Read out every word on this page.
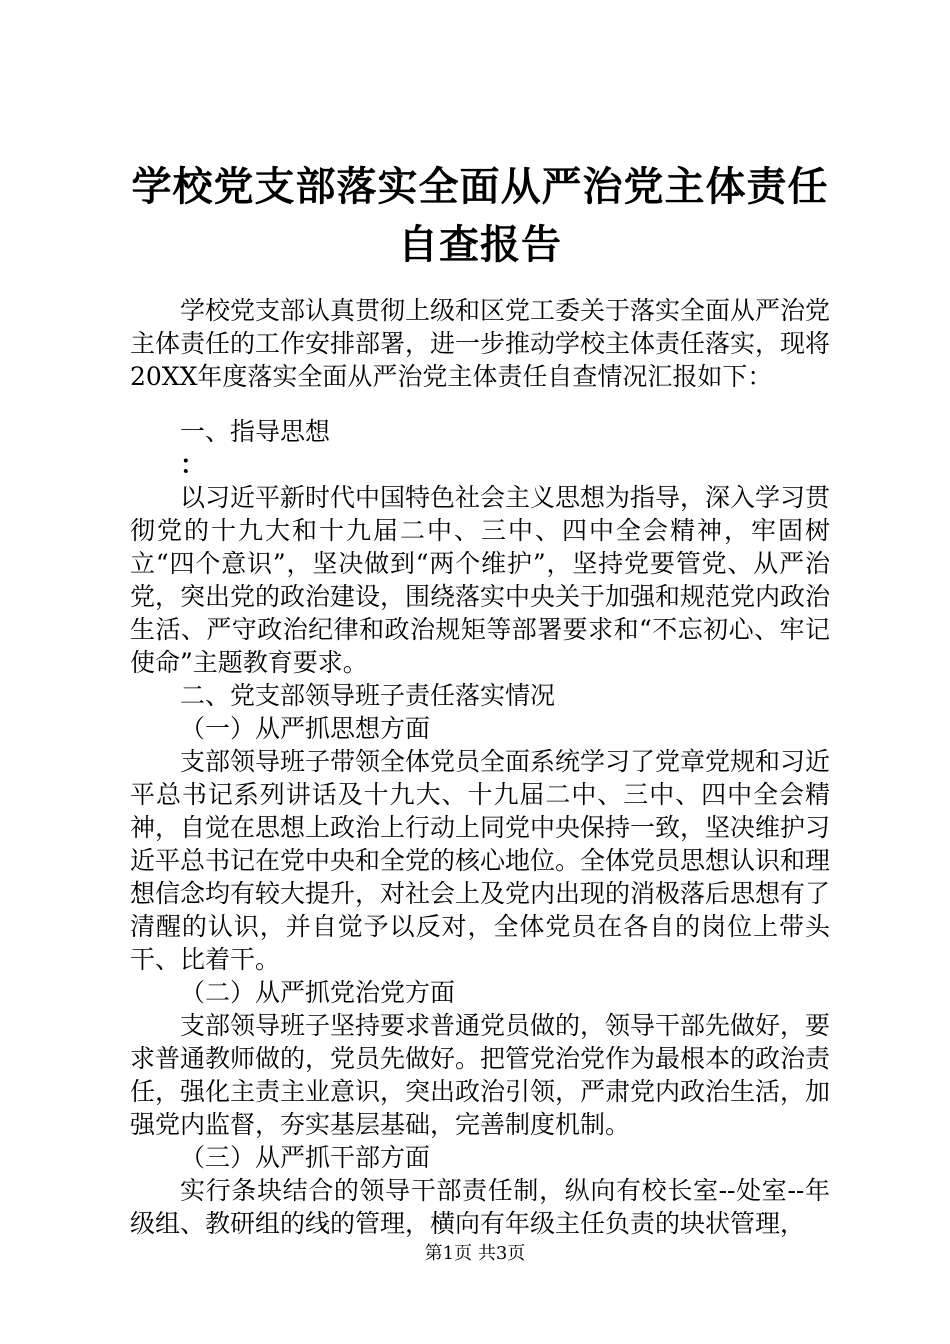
学校党支部落实全面从严治党主体责任自查报告

学校党支部认真贯彻上级和区党工委关于落实全面从严治党主体责任的工作安排部署，进一步推动学校主体责任落实，现将20XX年度落实全面从严治党主体责任自查情况汇报如下：

一、指导思想

：

以习近平新时代中国特色社会主义思想为指导，深入学习贯彻党的十九大和十九届二中、三中、四中全会精神，牢固树立“四个意识”，坚决做到“两个维护”，坚持党要管党、从严治党，突出党的政治建设，围绕落实中央关于加强和规范党内政治生活、严守政治纪律和政治规矩等部署要求和“不忘初心、牢记使命”主题教育要求。

二、党支部领导班子责任落实情况

（一）从严抓思想方面

支部领导班子带领全体党员全面系统学习了党章党规和习近平总书记系列讲话及十九大、十九届二中、三中、四中全会精神，自觉在思想上政治上行动上同党中央保持一致，坚决维护习近平总书记在党中央和全党的核心地位。全体党员思想认识和理想信念均有较大提升，对社会上及党内出现的消极落后思想有了清醒的认识，并自觉予以反对，全体党员在各自的岗位上带头干、比着干。

（二）从严抓党治党方面

支部领导班子坚持要求普通党员做的，领导干部先做好，要求普通教师做的，党员先做好。把管党治党作为最根本的政治责任，强化主责主业意识，突出政治引领，严肃党内政治生活，加强党内监督，夯实基层基础，完善制度机制。

（三）从严抓干部方面

实行条块结合的领导干部责任制，纵向有校长室--处室--年级组、教研组的线的管理，横向有年级主任负责的块状管理，

第1页 共3页
